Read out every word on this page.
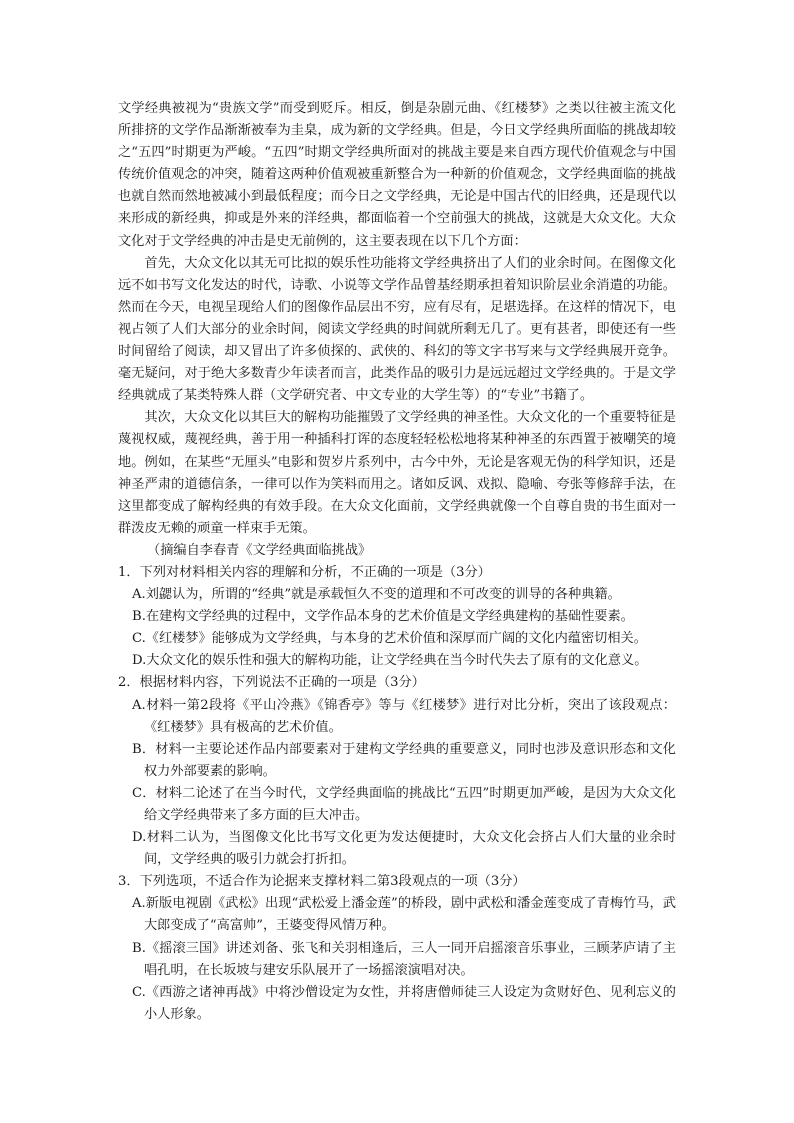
文学经典被视为“贵族文学”而受到贬斥。相反，倒是杂剧元曲、《红楼梦》之类以往被主流文化所排挤的文学作品渐渐被奉为圭臬，成为新的文学经典。但是，今日文学经典所面临的挑战却较之“五四”时期更为严峻。“五四”时期文学经典所面对的挑战主要是来自西方现代价值观念与中国传统价值观念的冲突，随着这两种价值观被重新整合为一种新的价值观念，文学经典面临的挑战也就自然而然地被减小到最低程度；而今日之文学经典，无论是中国古代的旧经典，还是现代以来形成的新经典，抑或是外来的洋经典，都面临着一个空前强大的挑战，这就是大众文化。大众文化对于文学经典的冲击是史无前例的，这主要表现在以下几个方面：

首先，大众文化以其无可比拟的娱乐性功能将文学经典挤出了人们的业余时间。在图像文化远不如书写文化发达的时代，诗歌、小说等文学作品曾基经期承担着知识阶层业余消遣的功能。然而在今天，电视呈现给人们的图像作品层出不穷，应有尽有，足堪选择。在这样的情况下，电视占领了人们大部分的业余时间，阅读文学经典的时间就所剩无几了。更有甚者，即使还有一些时间留给了阅读，却又冒出了许多侦探的、武侠的、科幻的等文字书写来与文学经典展开竞争。毫无疑问，对于绝大多数青少年读者而言，此类作品的吸引力是远远超过文学经典的。于是文学经典就成了某类特殊人群（文学研究者、中文专业的大学生等）的“专业”书籍了。

其次，大众文化以其巨大的解构功能摧毁了文学经典的神圣性。大众文化的一个重要特征是蔑视权威，蔑视经典，善于用一种插科打诨的态度轻轻松松地将某种神圣的东西置于被嘲笑的境地。例如，在某些“无厘头”电影和贺岁片系列中，古今中外，无论是客观无伪的科学知识，还是神圣严肃的道德信条，一律可以作为笑料而用之。诸如反讽、戏拟、隐喻、夸张等修辞手法，在这里都变成了解构经典的有效手段。在大众文化面前，文学经典就像一个自尊自贵的书生面对一群泼皮无赖的顽童一样束手无策。

（摘编自李春青《文学经典面临挑战》

1．下列对材料相关内容的理解和分析，不正确的一项是（3分）

A.刘勰认为，所谓的“经典”就是承载恒久不变的道理和不可改变的训导的各种典籍。

B.在建构文学经典的过程中，文学作品本身的艺术价值是文学经典建构的基础性要素。

C.《红楼梦》能够成为文学经典，与本身的艺术价值和深厚而广阔的文化内蕴密切相关。

D.大众文化的娱乐性和强大的解构功能，让文学经典在当今时代失去了原有的文化意义。

2．根据材料内容，下列说法不正确的一项是（3分）

A.材料一第2段将《平山冷燕》《锦香亭》等与《红楼梦》进行对比分析，突出了该段观点：《红楼梦》具有极高的艺术价值。

B．材料一主要论述作品内部要素对于建构文学经典的重要意义，同时也涉及意识形态和文化权力外部要素的影响。

C．材料二论述了在当今时代，文学经典面临的挑战比“五四”时期更加严峻，是因为大众文化给文学经典带来了多方面的巨大冲击。

D.材料二认为，当图像文化比书写文化更为发达便捷时，大众文化会挤占人们大量的业余时间，文学经典的吸引力就会打折扣。

3．下列选项，不适合作为论据来支撑材料二第3段观点的一项（3分）

A.新版电视剧《武松》出现“武松爱上潘金莲”的桥段，剧中武松和潘金莲变成了青梅竹马，武大郎变成了“高富帅”，王婆变得风情万种。

B.《摇滚三国》讲述刘备、张飞和关羽相逢后，三人一同开启摇滚音乐事业，三顾茅庐请了主唱孔明，在长坂坡与建安乐队展开了一场摇滚演唱对决。

C.《西游之诸神再战》中将沙僧设定为女性，并将唐僧师徒三人设定为贪财好色、见利忘义的小人形象。
